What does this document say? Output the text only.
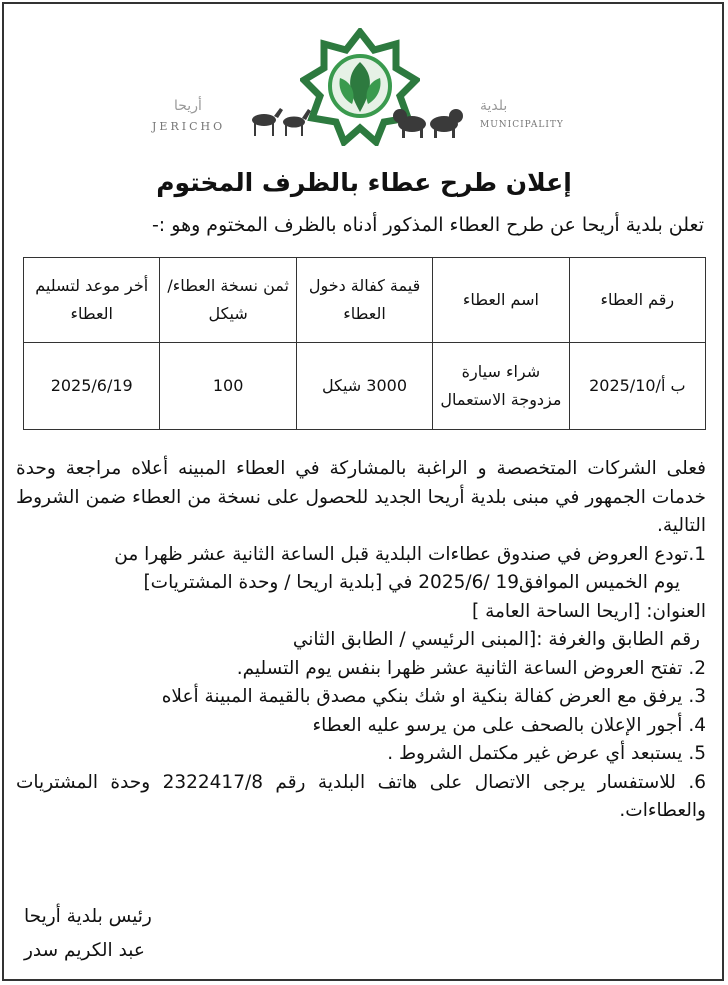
أريحا
JERICHO
بلدية
MUNICIPALITY
إعلان طرح عطاء بالظرف المختوم
تعلن بلدية أريحا عن طرح العطاء المذكور أدناه بالظرف المختوم وهو :-
رقم العطاء	اسم العطاء	قيمة كفالة دخول العطاء	ثمن نسخة العطاء/شيكل	أخر موعد لتسليم العطاء
ب أ/2025/10	شراء سيارة مزدوجة الاستعمال	3000 شيكل	100	2025/6/19

فعلى الشركات المتخصصة و الراغبة بالمشاركة في العطاء المبينه أعلاه مراجعة وحدة خدمات الجمهور في مبنى بلدية أريحا الجديد للحصول على نسخة من العطاء ضمن الشروط التالية.

1.تودع العروض في صندوق عطاءات البلدية قبل الساعة الثانية عشر ظهرا من

يوم الخميس الموافق19 /2025/6 في [بلدية اريحا / وحدة المشتريات]

العنوان: [اريحا الساحة العامة ]

رقم الطابق والغرفة :[المبنى الرئيسي / الطابق الثاني

2. تفتح العروض الساعة الثانية عشر ظهرا بنفس يوم التسليم.

3. يرفق مع العرض كفالة بنكية او شك بنكي مصدق بالقيمة المبينة أعلاه

4. أجور الإعلان بالصحف على من يرسو عليه العطاء

5. يستبعد أي عرض غير مكتمل الشروط .

6. للاستفسار يرجى الاتصال على هاتف البلدية رقم 2322417/8 وحدة المشتريات والعطاءات.

رئيس بلدية أريحا
عبد الكريم سدر
